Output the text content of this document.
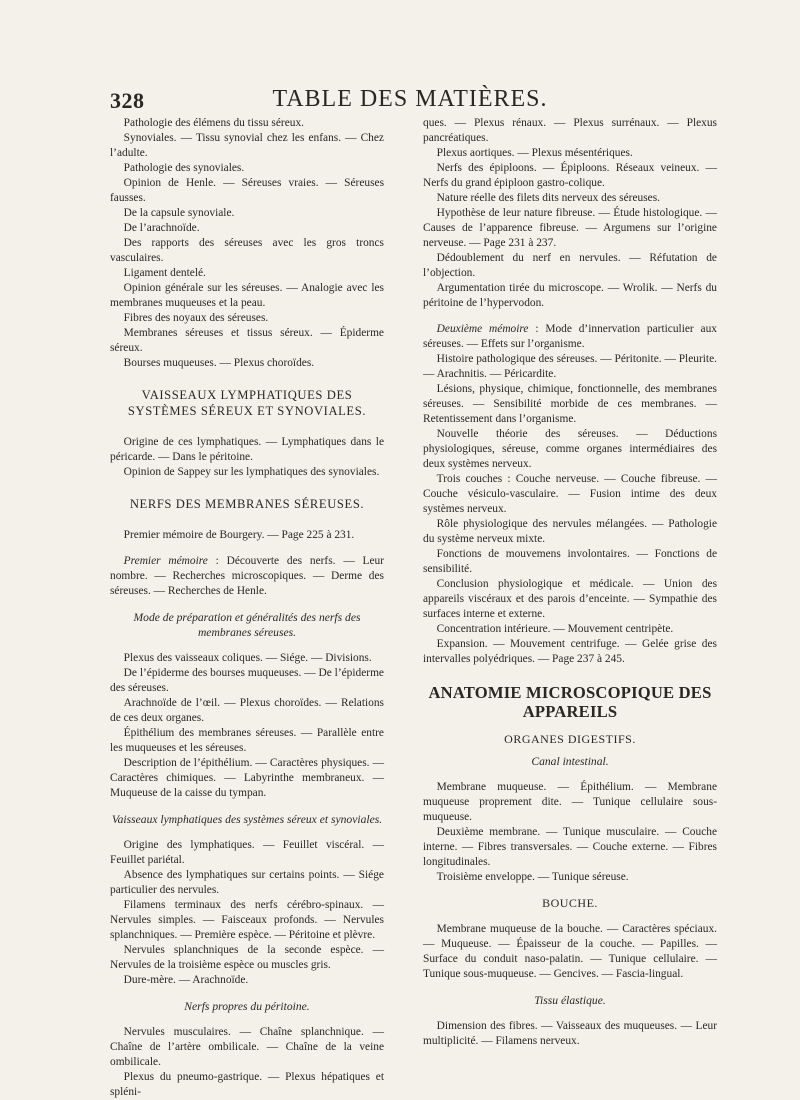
328	TABLE DES MATIÈRES.

Pathologie des élémens du tissu séreux.

Synoviales. — Tissu synovial chez les enfans. — Chez l’adulte.

Pathologie des synoviales.

Opinion de Henle. — Séreuses vraies. — Séreuses fausses.

De la capsule synoviale.

De l’arachnoïde.

Des rapports des séreuses avec les gros troncs vasculaires.

Ligament dentelé.

Opinion générale sur les séreuses. — Analogie avec les membranes muqueuses et la peau.

Fibres des noyaux des séreuses.

Membranes séreuses et tissus séreux. — Épiderme séreux.

Bourses muqueuses. — Plexus choroïdes.

VAISSEAUX LYMPHATIQUES DES SYSTÈMES SÉREUX ET SYNOVIALES.

Origine de ces lymphatiques. — Lymphatiques dans le péricarde. — Dans le péritoine.

Opinion de Sappey sur les lymphatiques des synoviales.

NERFS DES MEMBRANES SÉREUSES.

Premier mémoire de Bourgery. — Page 225 à 231.

Premier mémoire : Découverte des nerfs. — Leur nombre. — Recherches microscopiques. — Derme des séreuses. — Recherches de Henle.

Mode de préparation et généralités des nerfs des membranes séreuses.

Plexus des vaisseaux coliques. — Siége. — Divisions.

De l’épiderme des bourses muqueuses. — De l’épiderme des séreuses.

Arachnoïde de l’œil. — Plexus choroïdes. — Relations de ces deux organes.

Épithélium des membranes séreuses. — Parallèle entre les muqueuses et les séreuses.

Description de l’épithélium. — Caractères physiques. — Caractères chimiques. — Labyrinthe membraneux. — Muqueuse de la caisse du tympan.

Vaisseaux lymphatiques des systèmes séreux et synoviales.

Origine des lymphatiques. — Feuillet viscéral. — Feuillet pariétal.

Absence des lymphatiques sur certains points. — Siége particulier des nervules.

Filamens terminaux des nerfs cérébro-spinaux. — Nervules simples. — Faisceaux profonds. — Nervules splanchniques. — Première espèce. — Péritoine et plèvre.

Nervules splanchniques de la seconde espèce. — Nervules de la troisième espèce ou muscles gris.

Dure-mère. — Arachnoïde.

Nerfs propres du péritoine.

Nervules musculaires. — Chaîne splanchnique. — Chaîne de l’artère ombilicale. — Chaîne de la veine ombilicale.

Plexus du pneumo-gastrique. — Plexus hépatiques et spléni-

ques. — Plexus rénaux. — Plexus surrénaux. — Plexus pancréatiques.

Plexus aortiques. — Plexus mésentériques.

Nerfs des épiploons. — Épiploons. Réseaux veineux. — Nerfs du grand épiploon gastro-colique.

Nature réelle des filets dits nerveux des séreuses.

Hypothèse de leur nature fibreuse. — Étude histologique. — Causes de l’apparence fibreuse. — Argumens sur l’origine nerveuse. — Page 231 à 237.

Dédoublement du nerf en nervules. — Réfutation de l’objection.

Argumentation tirée du microscope. — Wrolik. — Nerfs du péritoine de l’hypervodon.

Deuxième mémoire : Mode d’innervation particulier aux séreuses. — Effets sur l’organisme.

Histoire pathologique des séreuses. — Péritonite. — Pleurite. — Arachnitis. — Péricardite.

Lésions, physique, chimique, fonctionnelle, des membranes séreuses. — Sensibilité morbide de ces membranes. — Retentissement dans l’organisme.

Nouvelle théorie des séreuses. — Déductions physiologiques, séreuse, comme organes intermédiaires des deux systèmes nerveux.

Trois couches : Couche nerveuse. — Couche fibreuse. — Couche vésiculo-vasculaire. — Fusion intime des deux systèmes nerveux.

Rôle physiologique des nervules mélangées. — Pathologie du système nerveux mixte.

Fonctions de mouvemens involontaires. — Fonctions de sensibilité.

Conclusion physiologique et médicale. — Union des appareils viscéraux et des parois d’enceinte. — Sympathie des surfaces interne et externe.

Concentration intérieure. — Mouvement centripète.

Expansion. — Mouvement centrifuge. — Gelée grise des intervalles polyédriques. — Page 237 à 245.

ANATOMIE MICROSCOPIQUE DES APPAREILS
ORGANES DIGESTIFS.
Canal intestinal.

Membrane muqueuse. — Épithélium. — Membrane muqueuse proprement dite. — Tunique cellulaire sous-muqueuse.

Deuxième membrane. — Tunique musculaire. — Couche interne. — Fibres transversales. — Couche externe. — Fibres longitudinales.

Troisième enveloppe. — Tunique séreuse.

BOUCHE.

Membrane muqueuse de la bouche. — Caractères spéciaux. — Muqueuse. — Épaisseur de la couche. — Papilles. — Surface du conduit naso-palatin. — Tunique cellulaire. — Tunique sous-muqueuse. — Gencives. — Fascia-lingual.

Tissu élastique.

Dimension des fibres. — Vaisseaux des muqueuses. — Leur multiplicité. — Filamens nerveux.
